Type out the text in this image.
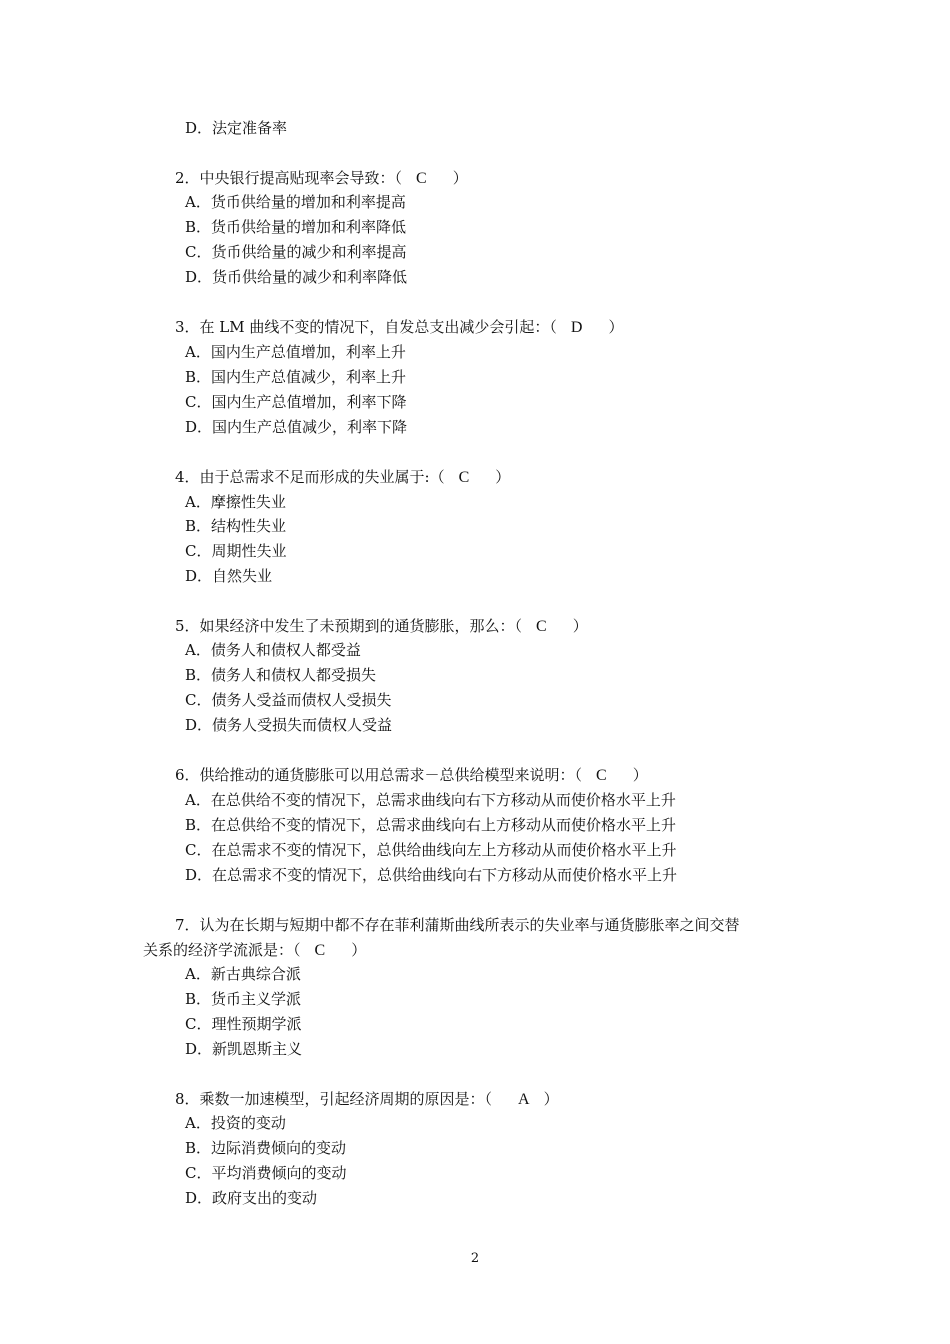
D．法定准备率
2．中央银行提高贴现率会导致：（ C ）
A．货币供给量的增加和利率提高
B．货币供给量的增加和利率降低
C．货币供给量的减少和利率提高
D．货币供给量的减少和利率降低
3．在 LM 曲线不变的情况下，自发总支出减少会引起：（ D ）
A．国内生产总值增加，利率上升
B．国内生产总值减少，利率上升
C．国内生产总值增加，利率下降
D．国内生产总值减少，利率下降
4．由于总需求不足而形成的失业属于:（ C ）
A．摩擦性失业
B．结构性失业
C．周期性失业
D．自然失业
5．如果经济中发生了未预期到的通货膨胀，那么：（ C ）
A．债务人和债权人都受益
B．债务人和债权人都受损失
C．债务人受益而债权人受损失
D．债务人受损失而债权人受益
6．供给推动的通货膨胀可以用总需求－总供给模型来说明：（ C ）
A．在总供给不变的情况下，总需求曲线向右下方移动从而使价格水平上升
B．在总供给不变的情况下，总需求曲线向右上方移动从而使价格水平上升
C．在总需求不变的情况下，总供给曲线向左上方移动从而使价格水平上升
D．在总需求不变的情况下，总供给曲线向右下方移动从而使价格水平上升
7．认为在长期与短期中都不存在菲利蒲斯曲线所表示的失业率与通货膨胀率之间交替
关系的经济学流派是：（ C ）
A．新古典综合派
B．货币主义学派
C．理性预期学派
D．新凯恩斯主义
8．乘数一加速模型，引起经济周期的原因是：（ A ）
A．投资的变动
B．边际消费倾向的变动
C．平均消费倾向的变动
D．政府支出的变动
2
